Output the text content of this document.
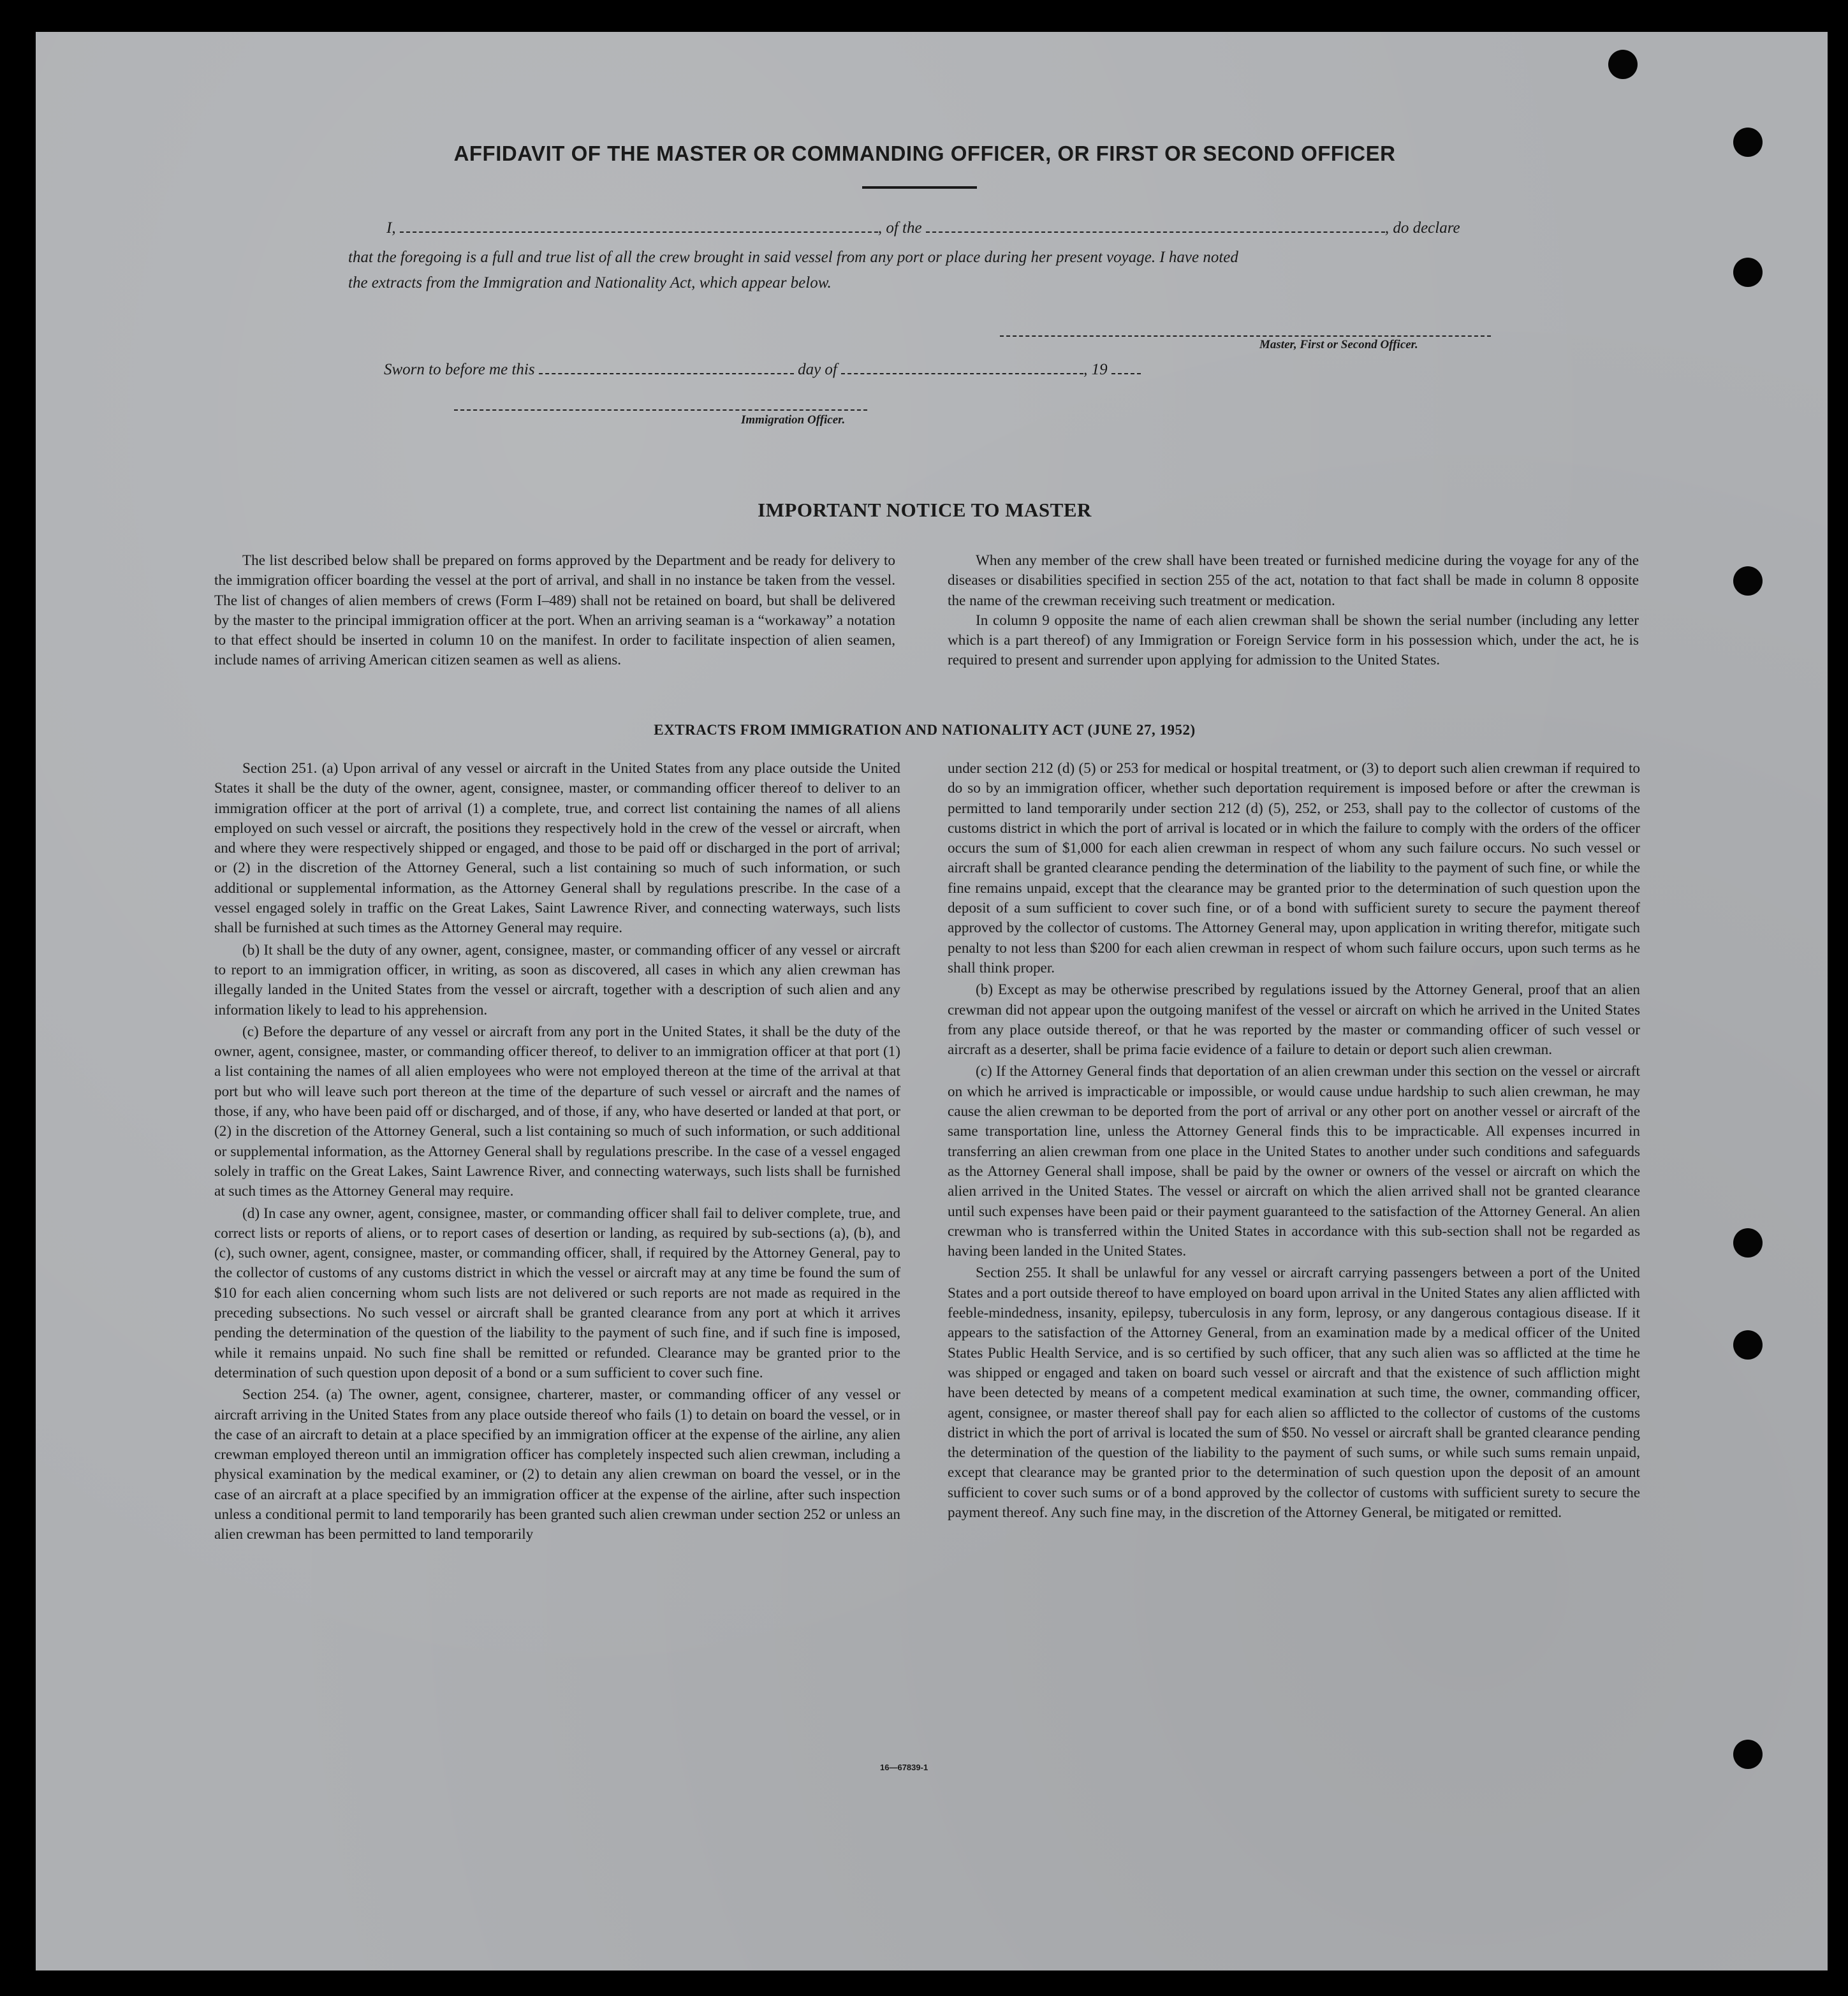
AFFIDAVIT OF THE MASTER OR COMMANDING OFFICER, OR FIRST OR SECOND OFFICER
I,	, of the	, do declare
that the foregoing is a full and true list of all the crew brought in said vessel from any port or place during her present voyage. I have noted
the extracts from the Immigration and Nationality Act, which appear below.
Master, First or Second Officer.
Sworn to before me this	day of	, 19
Immigration Officer.
IMPORTANT NOTICE TO MASTER

The list described below shall be prepared on forms approved by the Department and be ready for delivery to the immigration officer boarding the vessel at the port of arrival, and shall in no instance be taken from the vessel. The list of changes of alien members of crews (Form I–489) shall not be retained on board, but shall be delivered by the master to the principal immigration officer at the port. When an arriving seaman is a “workaway” a notation to that effect should be inserted in column 10 on the manifest. In order to facilitate inspection of alien seamen, include names of arriving American citizen seamen as well as aliens.

When any member of the crew shall have been treated or furnished medicine during the voyage for any of the diseases or disabilities specified in section 255 of the act, notation to that fact shall be made in column 8 opposite the name of the crewman receiving such treatment or medication.

In column 9 opposite the name of each alien crewman shall be shown the serial number (including any letter which is a part thereof) of any Immigration or Foreign Service form in his possession which, under the act, he is required to present and surrender upon applying for admission to the United States.

EXTRACTS FROM IMMIGRATION AND NATIONALITY ACT (JUNE 27, 1952)

Section 251. (a) Upon arrival of any vessel or aircraft in the United States from any place outside the United States it shall be the duty of the owner, agent, consignee, master, or commanding officer thereof to deliver to an immigration officer at the port of arrival (1) a complete, true, and correct list containing the names of all aliens employed on such vessel or aircraft, the positions they respectively hold in the crew of the vessel or aircraft, when and where they were respectively shipped or engaged, and those to be paid off or discharged in the port of arrival; or (2) in the discretion of the Attorney General, such a list containing so much of such information, or such additional or supplemental information, as the Attorney General shall by regulations prescribe. In the case of a vessel engaged solely in traffic on the Great Lakes, Saint Lawrence River, and connecting waterways, such lists shall be furnished at such times as the Attorney General may require.

(b) It shall be the duty of any owner, agent, consignee, master, or commanding officer of any vessel or aircraft to report to an immigration officer, in writing, as soon as discovered, all cases in which any alien crewman has illegally landed in the United States from the vessel or aircraft, together with a description of such alien and any information likely to lead to his apprehension.

(c) Before the departure of any vessel or aircraft from any port in the United States, it shall be the duty of the owner, agent, consignee, master, or commanding officer thereof, to deliver to an immigration officer at that port (1) a list containing the names of all alien employees who were not employed thereon at the time of the arrival at that port but who will leave such port thereon at the time of the departure of such vessel or aircraft and the names of those, if any, who have been paid off or discharged, and of those, if any, who have deserted or landed at that port, or (2) in the discretion of the Attorney General, such a list containing so much of such information, or such additional or supplemental information, as the Attorney General shall by regulations prescribe. In the case of a vessel engaged solely in traffic on the Great Lakes, Saint Lawrence River, and connecting waterways, such lists shall be furnished at such times as the Attorney General may require.

(d) In case any owner, agent, consignee, master, or commanding officer shall fail to deliver complete, true, and correct lists or reports of aliens, or to report cases of desertion or landing, as required by sub-sections (a), (b), and (c), such owner, agent, consignee, master, or commanding officer, shall, if required by the Attorney General, pay to the collector of customs of any customs district in which the vessel or aircraft may at any time be found the sum of $10 for each alien concerning whom such lists are not delivered or such reports are not made as required in the preceding subsections. No such vessel or aircraft shall be granted clearance from any port at which it arrives pending the determination of the question of the liability to the payment of such fine, and if such fine is imposed, while it remains unpaid. No such fine shall be remitted or refunded. Clearance may be granted prior to the determination of such question upon deposit of a bond or a sum sufficient to cover such fine.

Section 254. (a) The owner, agent, consignee, charterer, master, or commanding officer of any vessel or aircraft arriving in the United States from any place outside thereof who fails (1) to detain on board the vessel, or in the case of an aircraft to detain at a place specified by an immigration officer at the expense of the airline, any alien crewman employed thereon until an immigration officer has completely inspected such alien crewman, including a physical examination by the medical examiner, or (2) to detain any alien crewman on board the vessel, or in the case of an aircraft at a place specified by an immigration officer at the expense of the airline, after such inspection unless a conditional permit to land temporarily has been granted such alien crewman under section 252 or unless an alien crewman has been permitted to land temporarily

under section 212 (d) (5) or 253 for medical or hospital treatment, or (3) to deport such alien crewman if required to do so by an immigration officer, whether such deportation requirement is imposed before or after the crewman is permitted to land temporarily under section 212 (d) (5), 252, or 253, shall pay to the collector of customs of the customs district in which the port of arrival is located or in which the failure to comply with the orders of the officer occurs the sum of $1,000 for each alien crewman in respect of whom any such failure occurs. No such vessel or aircraft shall be granted clearance pending the determination of the liability to the payment of such fine, or while the fine remains unpaid, except that the clearance may be granted prior to the determination of such question upon the deposit of a sum sufficient to cover such fine, or of a bond with sufficient surety to secure the payment thereof approved by the collector of customs. The Attorney General may, upon application in writing therefor, mitigate such penalty to not less than $200 for each alien crewman in respect of whom such failure occurs, upon such terms as he shall think proper.

(b) Except as may be otherwise prescribed by regulations issued by the Attorney General, proof that an alien crewman did not appear upon the outgoing manifest of the vessel or aircraft on which he arrived in the United States from any place outside thereof, or that he was reported by the master or commanding officer of such vessel or aircraft as a deserter, shall be prima facie evidence of a failure to detain or deport such alien crewman.

(c) If the Attorney General finds that deportation of an alien crewman under this section on the vessel or aircraft on which he arrived is impracticable or impossible, or would cause undue hardship to such alien crewman, he may cause the alien crewman to be deported from the port of arrival or any other port on another vessel or aircraft of the same transportation line, unless the Attorney General finds this to be impracticable. All expenses incurred in transferring an alien crewman from one place in the United States to another under such conditions and safeguards as the Attorney General shall impose, shall be paid by the owner or owners of the vessel or aircraft on which the alien arrived in the United States. The vessel or aircraft on which the alien arrived shall not be granted clearance until such expenses have been paid or their payment guaranteed to the satisfaction of the Attorney General. An alien crewman who is transferred within the United States in accordance with this sub-section shall not be regarded as having been landed in the United States.

Section 255. It shall be unlawful for any vessel or aircraft carrying passengers between a port of the United States and a port outside thereof to have employed on board upon arrival in the United States any alien afflicted with feeble-mindedness, insanity, epilepsy, tuberculosis in any form, leprosy, or any dangerous contagious disease. If it appears to the satisfaction of the Attorney General, from an examination made by a medical officer of the United States Public Health Service, and is so certified by such officer, that any such alien was so afflicted at the time he was shipped or engaged and taken on board such vessel or aircraft and that the existence of such affliction might have been detected by means of a competent medical examination at such time, the owner, commanding officer, agent, consignee, or master thereof shall pay for each alien so afflicted to the collector of customs of the customs district in which the port of arrival is located the sum of $50. No vessel or aircraft shall be granted clearance pending the determination of the question of the liability to the payment of such sums, or while such sums remain unpaid, except that clearance may be granted prior to the determination of such question upon the deposit of an amount sufficient to cover such sums or of a bond approved by the collector of customs with sufficient surety to secure the payment thereof. Any such fine may, in the discretion of the Attorney General, be mitigated or remitted.

16—67839-1
